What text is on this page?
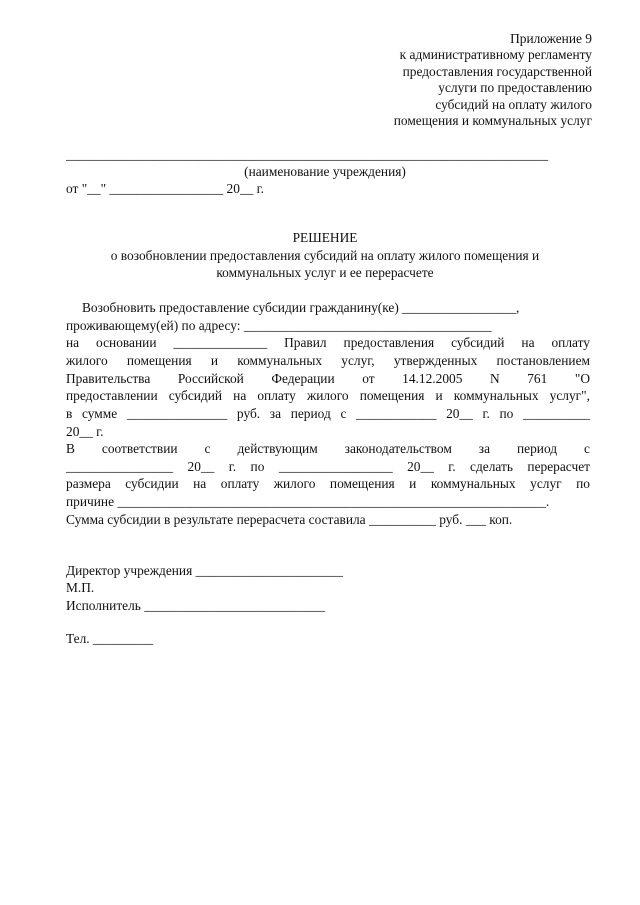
Приложение 9
к административному регламенту
предоставления государственной
услуги по предоставлению
субсидий на оплату жилого
помещения и коммунальных услуг
________________________________________________________________________
(наименование учреждения)
от "__" _________________ 20__ г.
РЕШЕНИЕ
о возобновлении предоставления субсидий на оплату жилого помещения и
коммунальных услуг и ее перерасчете
Возобновить предоставление субсидии гражданину(ке) _________________,
проживающему(ей) по адресу: _____________________________________
на основании ______________ Правил предоставления субсидий на оплату
жилого помещения и коммунальных услуг, утвержденных постановлением
Правительства Российской Федерации от 14.12.2005 N 761 "О
предоставлении субсидий на оплату жилого помещения и коммунальных услуг",
в сумме _______________ руб. за период с ____________ 20__ г. по __________
20__ г.
В соответствии с действующим законодательством за период с
________________ 20__ г. по _________________ 20__ г. сделать перерасчет
размера субсидии на оплату жилого помещения и коммунальных услуг по
причине ________________________________________________________________.
Сумма субсидии в результате перерасчета составила __________ руб. ___ коп.
Директор учреждения ______________________
М.П.
Исполнитель ___________________________
Тел. _________
